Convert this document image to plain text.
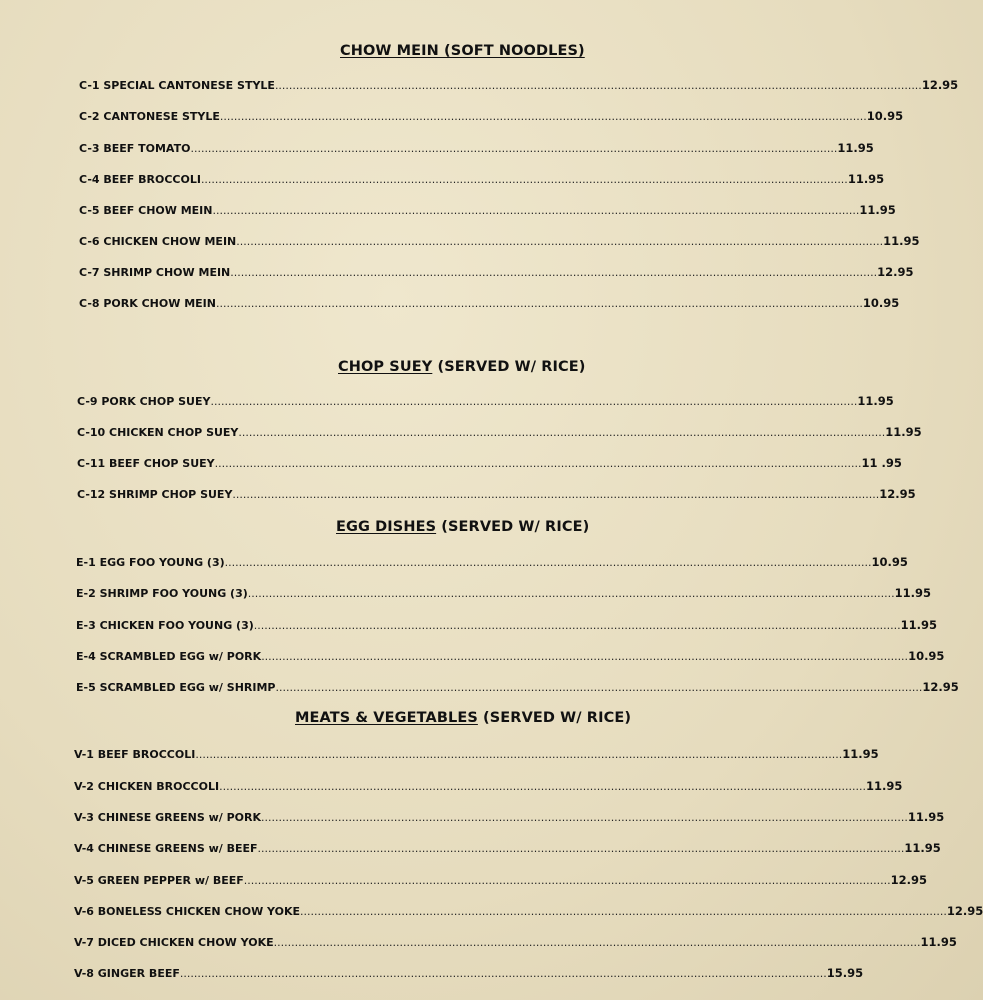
CHOW MEIN (SOFT NOODLES)
C-1 SPECIAL CANTONESE STYLE ......................................................................................................................................................................................... 12.95
C-2 CANTONESE STYLE ......................................................................................................................................................................................... 10.95
C-3 BEEF TOMATO ......................................................................................................................................................................................... 11.95
C-4 BEEF BROCCOLI ......................................................................................................................................................................................... 11.95
C-5 BEEF CHOW MEIN ......................................................................................................................................................................................... 11.95
C-6 CHICKEN CHOW MEIN ......................................................................................................................................................................................... 11.95
C-7 SHRIMP CHOW MEIN ......................................................................................................................................................................................... 12.95
C-8 PORK CHOW MEIN ......................................................................................................................................................................................... 10.95
CHOP SUEY (SERVED W/ RICE)
C-9 PORK CHOP SUEY ......................................................................................................................................................................................... 11.95
C-10 CHICKEN CHOP SUEY ......................................................................................................................................................................................... 11.95
C-11 BEEF CHOP SUEY ......................................................................................................................................................................................... 11 .95
C-12 SHRIMP CHOP SUEY ......................................................................................................................................................................................... 12.95
EGG DISHES (SERVED W/ RICE)
E-1 EGG FOO YOUNG (3) ......................................................................................................................................................................................... 10.95
E-2 SHRIMP FOO YOUNG (3) ......................................................................................................................................................................................... 11.95
E-3 CHICKEN FOO YOUNG (3) ......................................................................................................................................................................................... 11.95
E-4 SCRAMBLED EGG w/ PORK ......................................................................................................................................................................................... 10.95
E-5 SCRAMBLED EGG w/ SHRIMP ......................................................................................................................................................................................... 12.95
MEATS & VEGETABLES (SERVED W/ RICE)
V-1 BEEF BROCCOLI ......................................................................................................................................................................................... 11.95
V-2 CHICKEN BROCCOLI ......................................................................................................................................................................................... 11.95
V-3 CHINESE GREENS w/ PORK ......................................................................................................................................................................................... 11.95
V-4 CHINESE GREENS w/ BEEF ......................................................................................................................................................................................... 11.95
V-5 GREEN PEPPER w/ BEEF ......................................................................................................................................................................................... 12.95
V-6 BONELESS CHICKEN CHOW YOKE ......................................................................................................................................................................................... 12.95
V-7 DICED CHICKEN CHOW YOKE ......................................................................................................................................................................................... 11.95
V-8 GINGER BEEF ......................................................................................................................................................................................... 15.95
